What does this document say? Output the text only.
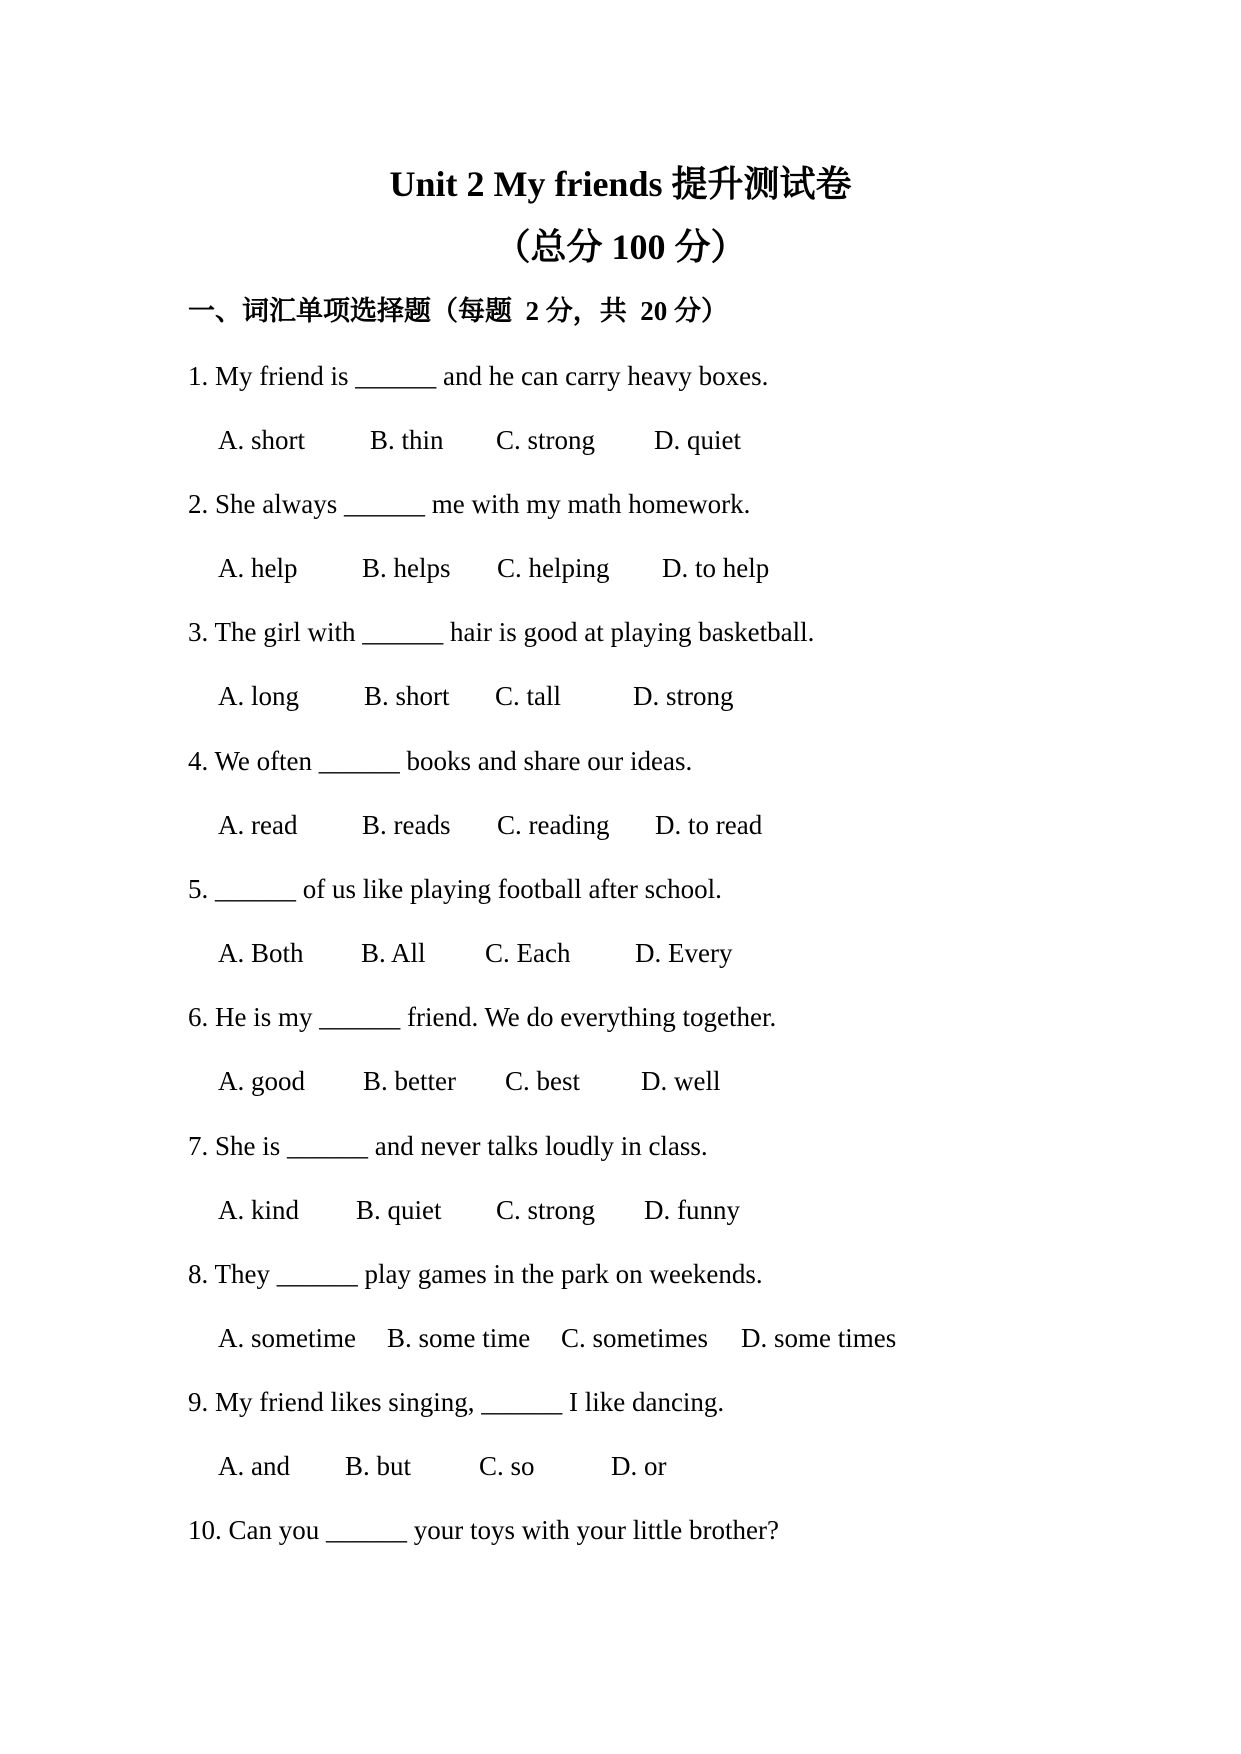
Unit 2 My friends 提升测试卷
（总分 100 分）
一、词汇单项选择题（每题  2 分，共  20 分）
1. My friend is ______ and he can carry heavy boxes.

A. short

B. thin

C. strong

D. quiet

2. She always ______ me with my math homework.

A. help

B. helps

C. helping

D. to help

3. The girl with ______ hair is good at playing basketball.

A. long

B. short

C. tall

	D. strong

4. We often ______ books and share our ideas.

A. read

B. reads

C. reading

D. to read

5. ______ of us like playing football after school.

A. Both

B. All

C. Each

D. Every

6. He is my ______ friend. We do everything together.

A. good

B. better

C. best

D. well

7. She is ______ and never talks loudly in class.

A. kind

B. quiet

C. strong

D. funny

8. They ______ play games in the park on weekends.

A. sometime

B. some time

C. sometimes

D. some times

9. My friend likes singing, ______ I like dancing.

A. and

B. but

	C. so

	D. or

10. Can you ______ your toys with your little brother?
